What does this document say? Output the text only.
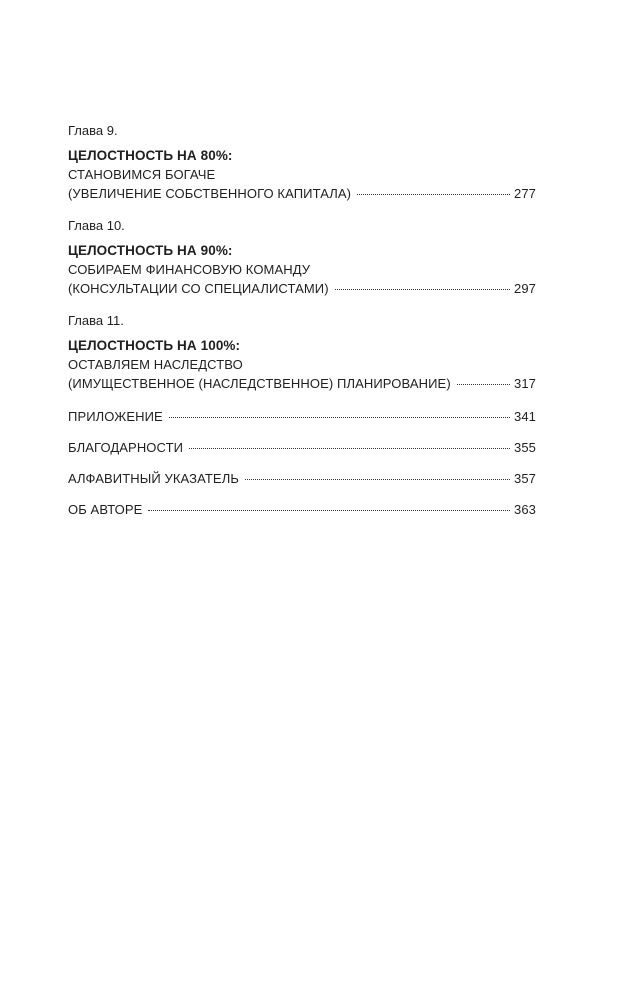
Глава 9.
ЦЕЛОСТНОСТЬ НА 80%:
СТАНОВИМСЯ БОГАЧЕ
(УВЕЛИЧЕНИЕ СОБСТВЕННОГО КАПИТАЛА)	277
Глава 10.
ЦЕЛОСТНОСТЬ НА 90%:
СОБИРАЕМ ФИНАНСОВУЮ КОМАНДУ
(КОНСУЛЬТАЦИИ СО СПЕЦИАЛИСТАМИ)	297
Глава 11.
ЦЕЛОСТНОСТЬ НА 100%:
ОСТАВЛЯЕМ НАСЛЕДСТВО
(ИМУЩЕСТВЕННОЕ (НАСЛЕДСТВЕННОЕ) ПЛАНИРОВАНИЕ)	317
ПРИЛОЖЕНИЕ	341
БЛАГОДАРНОСТИ	355
АЛФАВИТНЫЙ УКАЗАТЕЛЬ	357
ОБ АВТОРЕ	363
